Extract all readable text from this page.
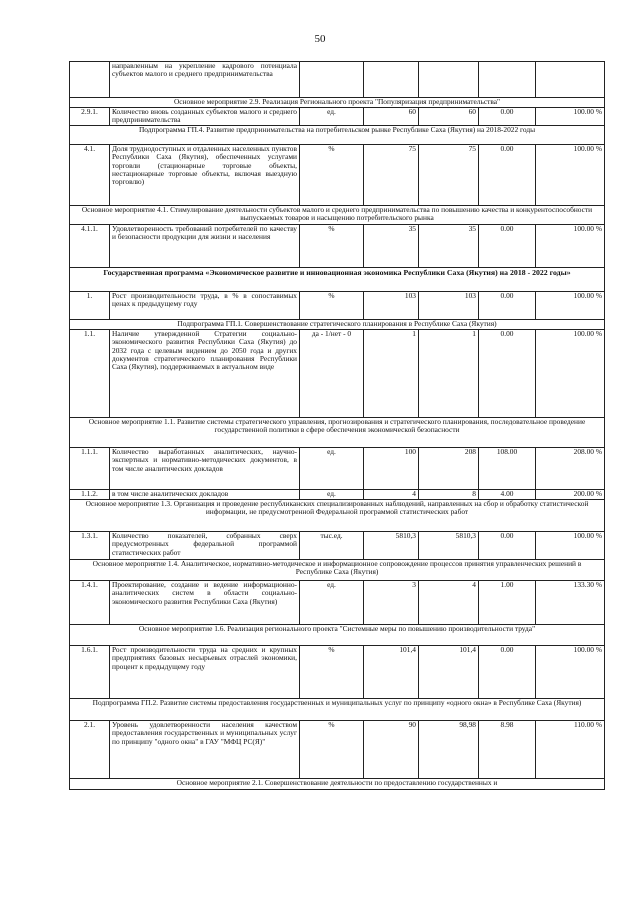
50
	направленным на укрепление кадрового потенциала субъектов малого и среднего предпринимательства					
Основное мероприятие 2.9. Реализация Регионального проекта "Популяризация предпринимательства"						
2.9.1.	Количество вновь созданных субъектов малого и среднего предпринимательства	ед.	60	60	0.00	100.00 %
Подпрограмма ГП.4. Развитие предпринимательства на потребительском рынке Республике Саха (Якутия) на 2018-2022 годы						
4.1.	Доля труднодоступных и отдаленных населенных пунктов Республики Саха (Якутия), обеспеченных услугами торговли (стационарные торговые объекты, нестационарные торговые объекты, включая выездную торговлю)	%	75	75	0.00	100.00 %
Основное мероприятие 4.1. Стимулирование деятельности субъектов малого и среднего предпринимательства по повышению качества и конкурентоспособности выпускаемых товаров и насыщению потребительского рынка						
4.1.1.	Удовлетворенность требований потребителей по качеству и безопасности продукции для жизни и населения	%	35	35	0.00	100.00 %
Государственная программа «Экономическое развитие и инновационная экономика Республики Саха (Якутия) на 2018 - 2022 годы»						
1.	Рост производительности труда, в % в сопоставимых ценах к предыдущему году	%	103	103	0.00	100.00 %
Подпрограмма ГП.1. Совершенствование стратегического планирования в Республике Саха (Якутия)						
1.1.	Наличие утвержденной Стратегии социально-экономического развития Республики Саха (Якутия) до 2032 года с целевым видением до 2050 года и других документов стратегического планирования Республики Саха (Якутия), поддерживаемых в актуальном виде	да - 1/нет - 0	1	1	0.00	100.00 %
Основное мероприятие 1.1. Развитие системы стратегического управления, прогнозирования и стратегического планирования, последовательное проведение государственной политики в сфере обеспечения экономической безопасности						
1.1.1.	Количество выработанных аналитических, научно-экспертных и нормативно-методических документов, в том числе аналитических докладов	ед.	100	208	108.00	208.00 %
1.1.2.	в том числе аналитических докладов	ед.	4	8	4.00	200.00 %
Основное мероприятие 1.3. Организация и проведение республиканских специализированных наблюдений, направленных на сбор и обработку статистической информации, не предусмотренной Федеральной программой статистических работ						
1.3.1.	Количество показателей, собранных сверх предусмотренных федеральной программой статистических работ	тыс.ед.	5810,3	5810,3	0.00	100.00 %
Основное мероприятие 1.4. Аналитическое, нормативно-методическое и информационное сопровождение процессов принятия управленческих решений в Республике Саха (Якутия)						
1.4.1.	Проектирование, создание и ведение информационно-аналитических систем в области социально-экономического развития Республики Саха (Якутия)	ед.	3	4	1.00	133.30 %
Основное мероприятие 1.6. Реализация регионального проекта "Системные меры по повышению производительности труда"						
1.6.1.	Рост производительности труда на средних и крупных предприятиях базовых несырьевых отраслей экономики, процент к предыдущему году	%	101,4	101,4	0.00	100.00 %
Подпрограмма ГП.2. Развитие системы предоставления государственных и муниципальных услуг по принципу «одного окна» в Республике Саха (Якутия)						
2.1.	Уровень удовлетворенности населения качеством предоставления государственных и муниципальных услуг по принципу "одного окна" в ГАУ "МФЦ РС(Я)"	%	90	98,98	8.98	110.00 %
Основное мероприятие 2.1. Совершенствование деятельности по предоставлению государственных и						
